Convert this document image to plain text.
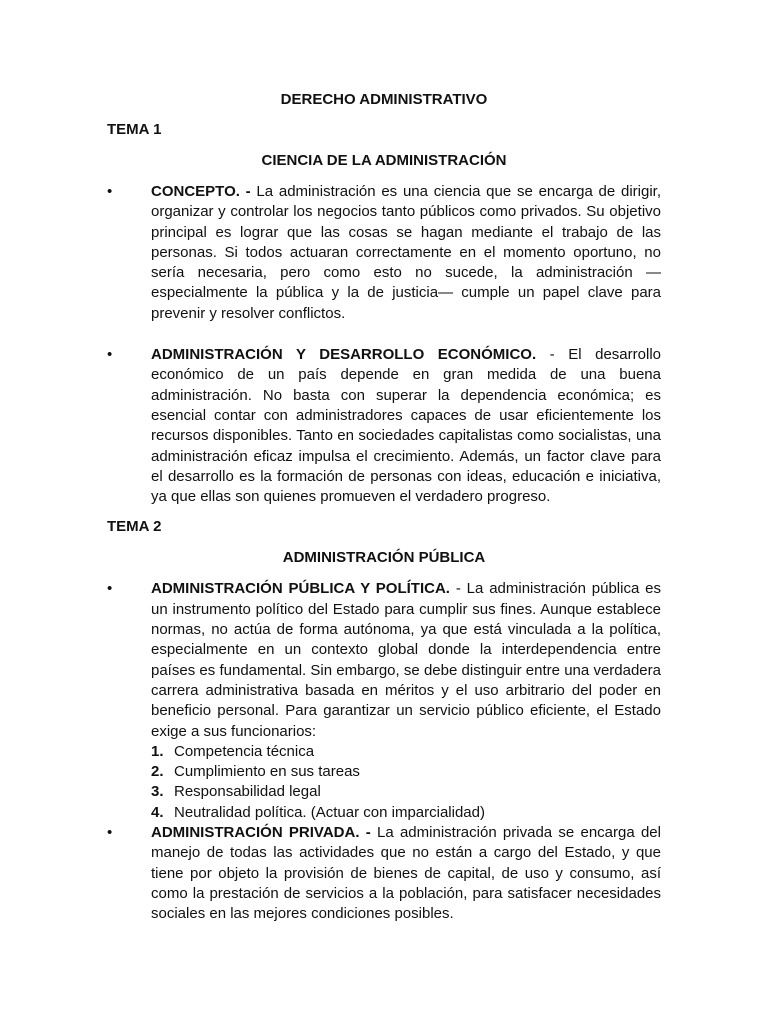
DERECHO ADMINISTRATIVO

TEMA 1

CIENCIA DE LA ADMINISTRACIÓN

•	CONCEPTO. - La administración es una ciencia que se encarga de dirigir, organizar y controlar los negocios tanto públicos como privados. Su objetivo principal es lograr que las cosas se hagan mediante el trabajo de las personas. Si todos actuaran correctamente en el momento oportuno, no sería necesaria, pero como esto no sucede, la administración —especialmente la pública y la de justicia— cumple un papel clave para prevenir y resolver conflictos.
•	ADMINISTRACIÓN Y DESARROLLO ECONÓMICO. - El desarrollo económico de un país depende en gran medida de una buena administración. No basta con superar la dependencia económica; es esencial contar con administradores capaces de usar eficientemente los recursos disponibles. Tanto en sociedades capitalistas como socialistas, una administración eficaz impulsa el crecimiento. Además, un factor clave para el desarrollo es la formación de personas con ideas, educación e iniciativa, ya que ellas son quienes promueven el verdadero progreso.

TEMA 2

ADMINISTRACIÓN PÚBLICA

•	ADMINISTRACIÓN PÚBLICA Y POLÍTICA. - La administración pública es un instrumento político del Estado para cumplir sus fines. Aunque establece normas, no actúa de forma autónoma, ya que está vinculada a la política, especialmente en un contexto global donde la interdependencia entre países es fundamental. Sin embargo, se debe distinguir entre una verdadera carrera administrativa basada en méritos y el uso arbitrario del poder en beneficio personal. Para garantizar un servicio público eficiente, el Estado exige a sus funcionarios:
1. Competencia técnica
2. Cumplimiento en sus tareas
3. Responsabilidad legal
4. Neutralidad política. (Actuar con imparcialidad)
•	ADMINISTRACIÓN PRIVADA. - La administración privada se encarga del manejo de todas las actividades que no están a cargo del Estado, y que tiene por objeto la provisión de bienes de capital, de uso y consumo, así como la prestación de servicios a la población, para satisfacer necesidades sociales en las mejores condiciones posibles.
